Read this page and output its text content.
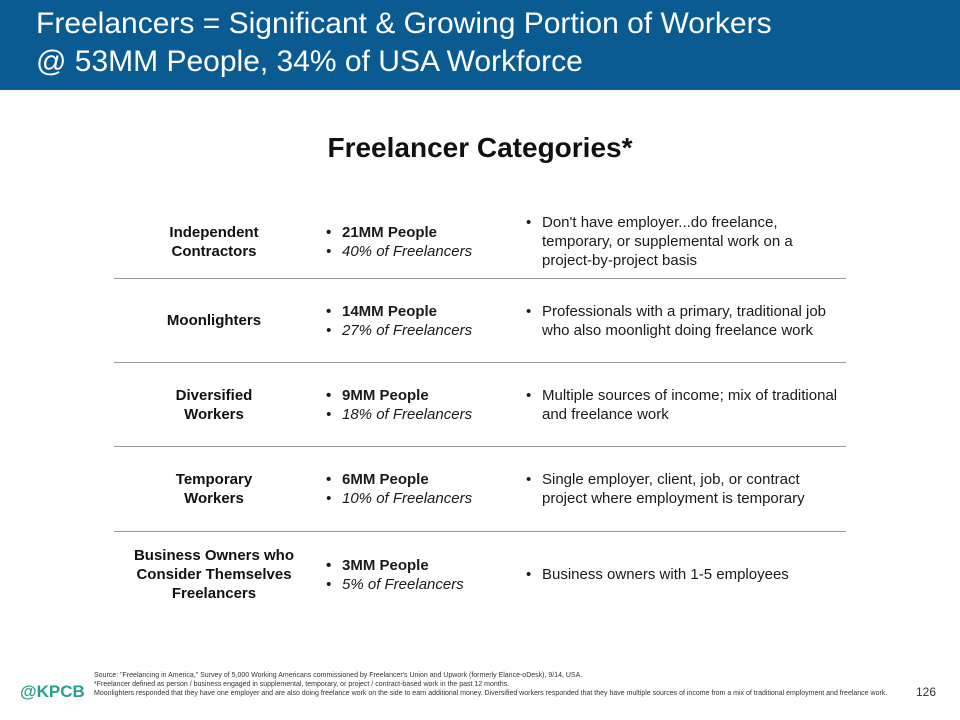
Freelancers = Significant & Growing Portion of Workers
@ 53MM People, 34% of USA Workforce
Freelancer Categories*
Independent
Contractors
• 21MM People
• 40% of Freelancers
• Don't have employer...do freelance, temporary, or supplemental work on a project-by-project basis
Moonlighters
• 14MM People
• 27% of Freelancers
• Professionals with a primary, traditional job who also moonlight doing freelance work
Diversified
Workers
• 9MM People
• 18% of Freelancers
• Multiple sources of income; mix of traditional and freelance work
Temporary
Workers
• 6MM People
• 10% of Freelancers
• Single employer, client, job, or contract project where employment is temporary
Business Owners who
Consider Themselves
Freelancers
• 3MM People
• 5% of Freelancers
• Business owners with 1-5 employees
@KPCB
Source: "Freelancing in America," Survey of 5,000 Working Americans commissioned by Freelancer's Union and Upwork (formerly Elance-oDesk), 9/14, USA.
*Freelancer defined as person / business engaged in supplemental, temporary, or project / contract-based work in the past 12 months.
Moonlighters responded that they have one employer and are also doing freelance work on the side to earn additional money. Diversified workers responded that they have multiple sources of income from a mix of traditional employment and freelance work.	126
